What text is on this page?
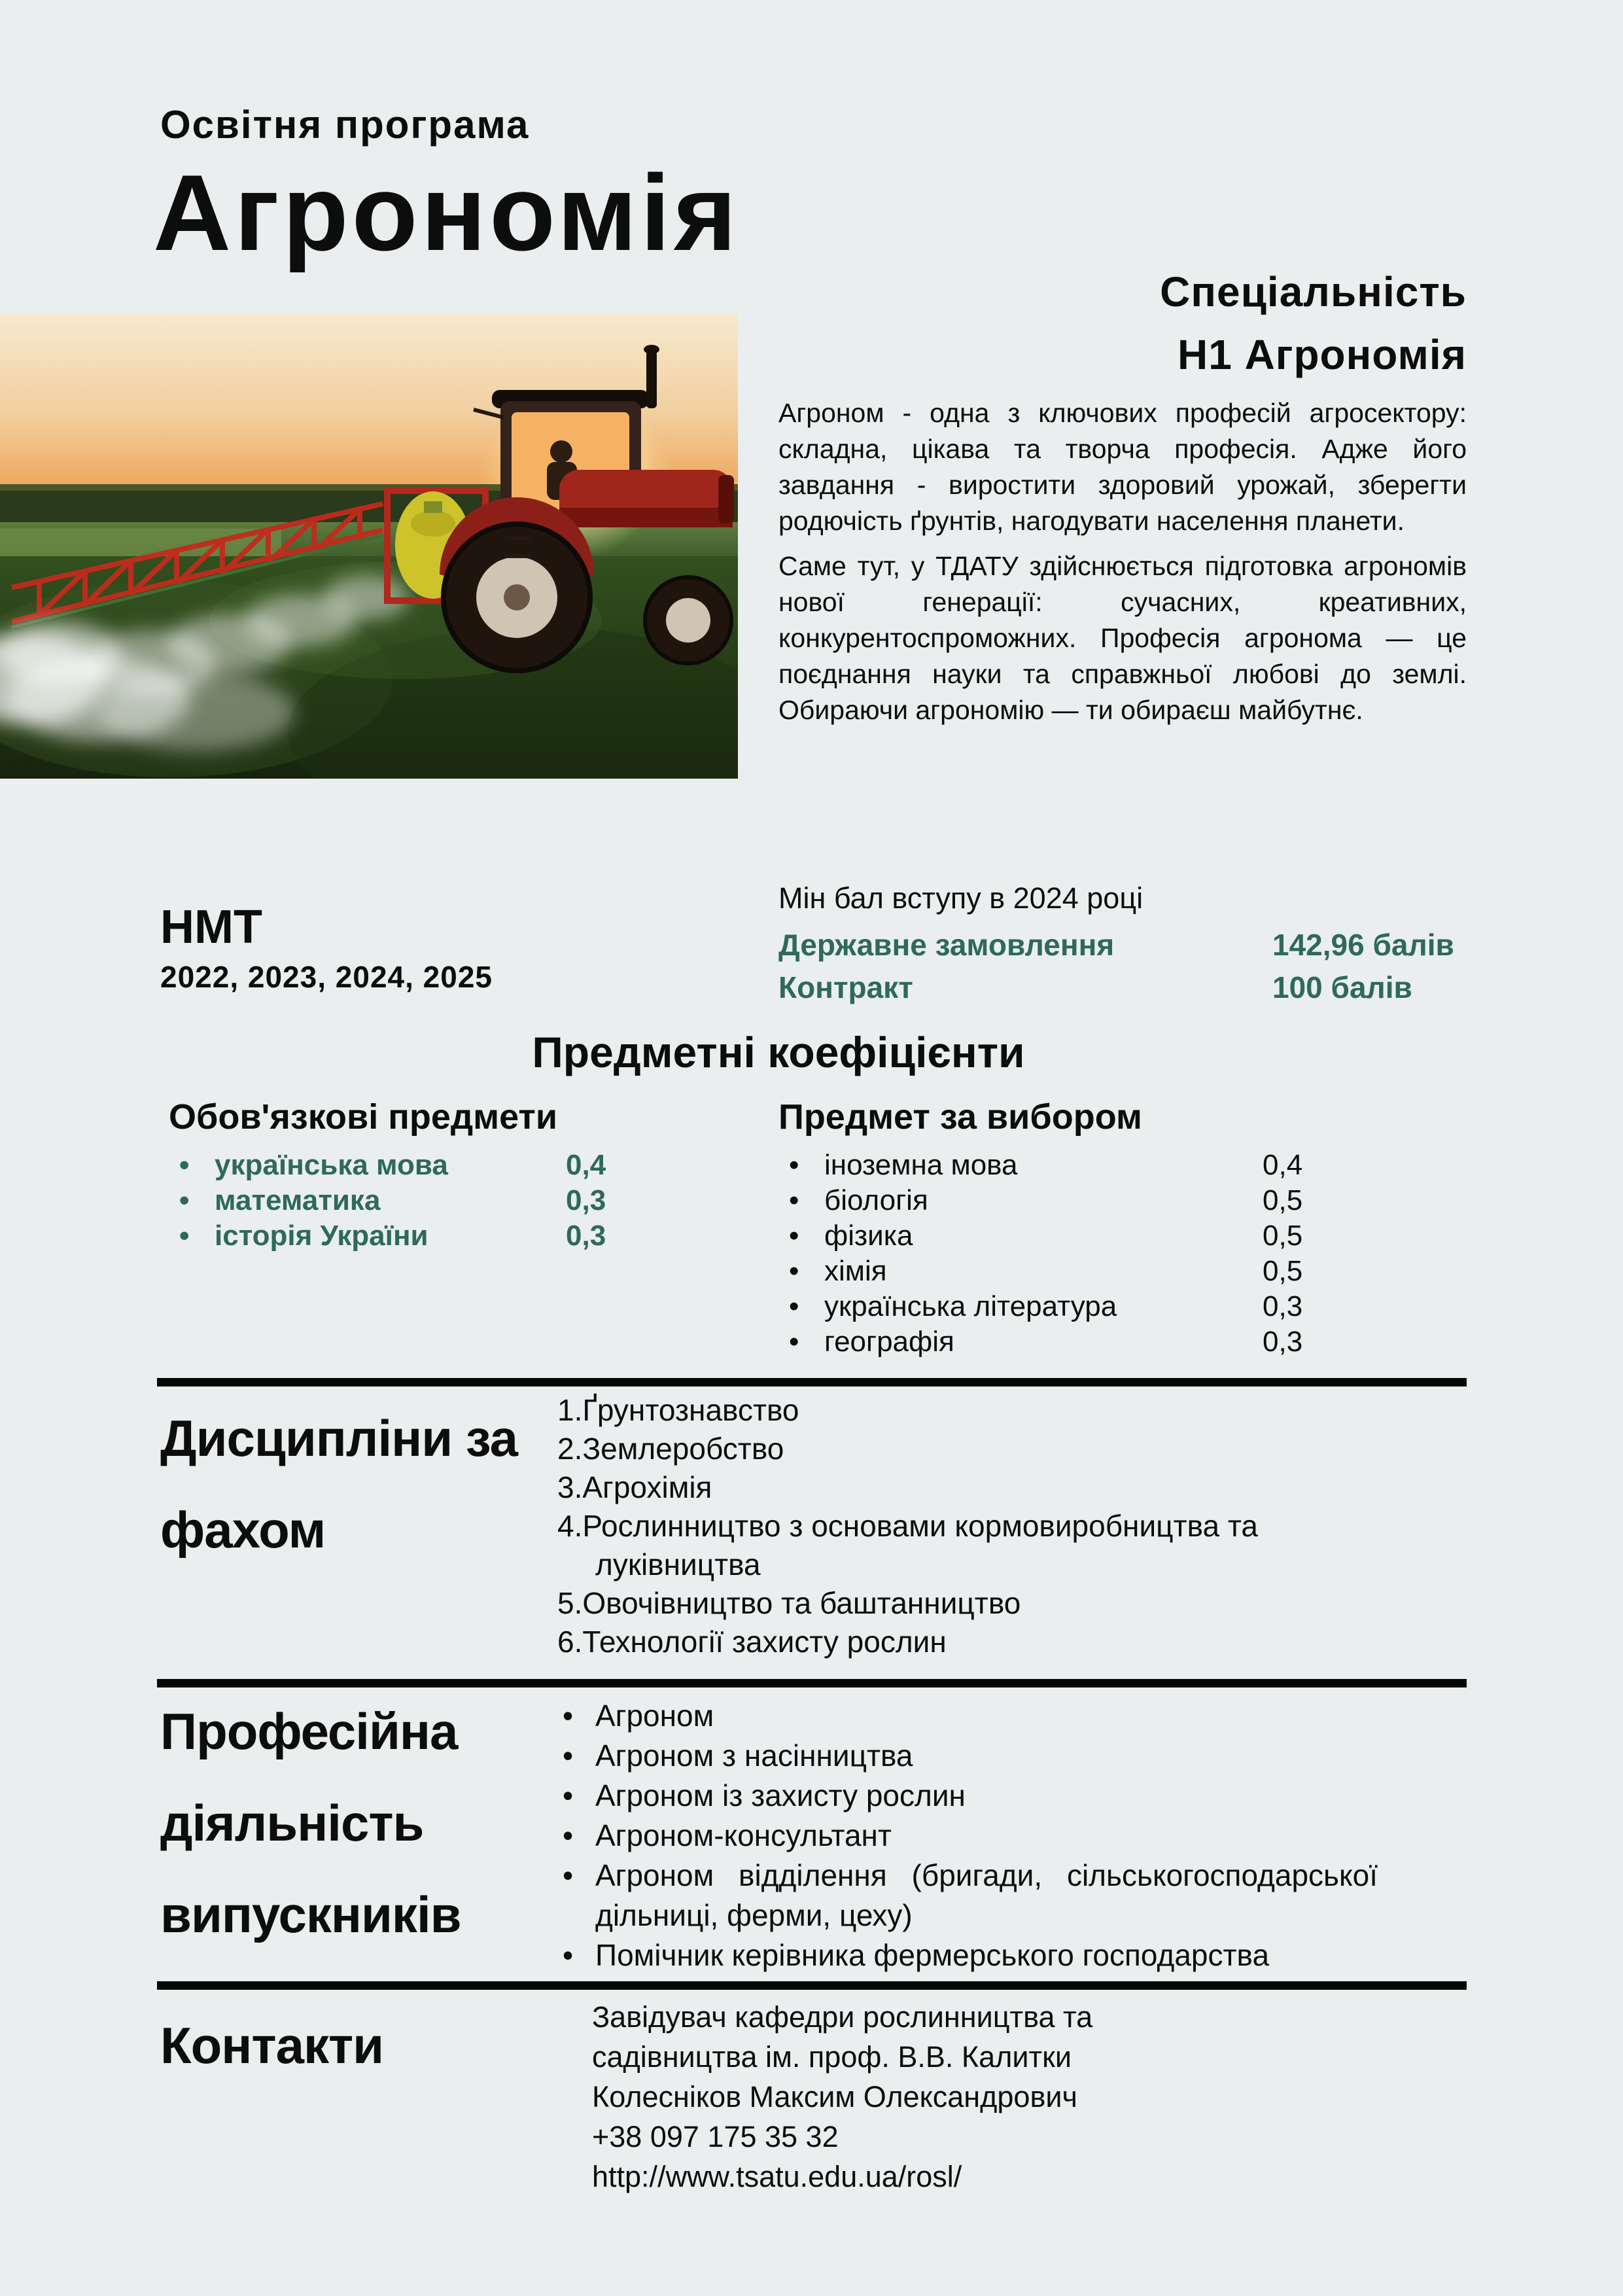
Освітня програма
Агрономія
Спеціальність
Н1 Агрономія

Агроном - одна з ключових професій агросектору: складна, цікава та творча професія. Адже його завдання - виростити здоровий урожай, зберегти родючість ґрунтів, нагодувати населення планети.

Саме тут, у ТДАТУ здійснюється підготовка агрономів нової генерації: сучасних, креативних, конкурентоспроможних. Професія агронома — це поєднання науки та справжньої любові до землі. Обираючи агрономію — ти обираєш майбутнє.

НМТ
2022, 2023, 2024, 2025
Мін бал вступу в 2024 році
Державне замовлення	142,96 балів
Контракт	100 балів
Предметні коефіцієнти
Обов'язкові предмети
• українська мова	0,4
• математика	0,3
• історія України	0,3
Предмет за вибором
• іноземна мова	0,4
• біологія	0,5
• фізика	0,5
• хімія	0,5
• українська література	0,3
• географія	0,3
Дисципліни за фахом
Ґрунтознавство
Землеробство
Агрохімія
Рослинництво з основами кормовиробництва та луківництва
Овочівництво та баштанництво
Технології захисту рослин
Професійна діяльність випускників
• Агроном
• Агроном з насінництва
• Агроном із захисту рослин
• Агроном-консультант
• Агроном відділення (бригади, сільськогосподарської дільниці, ферми, цеху)
• Помічник керівника фермерського господарства
Контакти	Завідувач кафедри рослинництва та садівництва ім. проф. В.В. Калитки

Колесніков Максим Олександрович

+38 097 175 35 32

http://www.tsatu.edu.ua/rosl/
